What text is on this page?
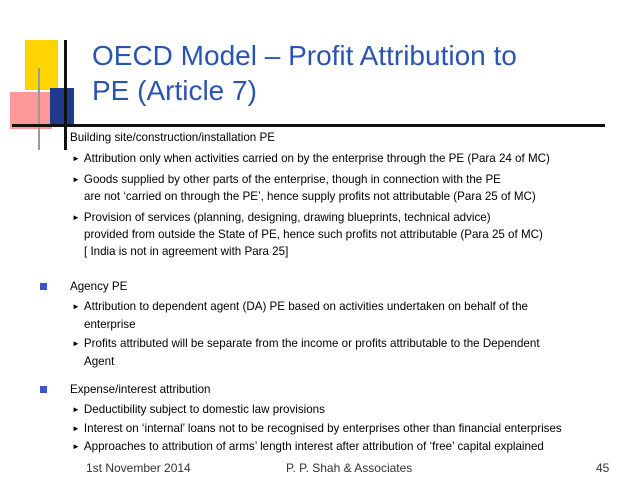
OECD Model – Profit Attribution to
PE (Article 7)
Building site/construction/installation PE
► Attribution only when activities carried on by the enterprise through the PE (Para 24 of MC)
► Goods supplied by other parts of the enterprise, though in connection with the PE
are not ‘carried on through the PE’, hence supply profits not attributable (Para 25 of MC)
► Provision of services (planning, designing, drawing blueprints, technical advice)
provided from outside the State of PE, hence such profits not attributable (Para 25 of MC)
[ India is not in agreement with Para 25]
Agency PE
► Attribution to dependent agent (DA) PE based on activities undertaken on behalf of the
enterprise
► Profits attributed will be separate from the income or profits attributable to the Dependent
Agent
Expense/interest attribution
► Deductibility subject to domestic law provisions
► Interest on ‘internal’ loans not to be recognised by enterprises other than financial enterprises
► Approaches to attribution of arms’ length interest after attribution of ‘free’ capital explained
1st November 2014	P. P. Shah & Associates	45
